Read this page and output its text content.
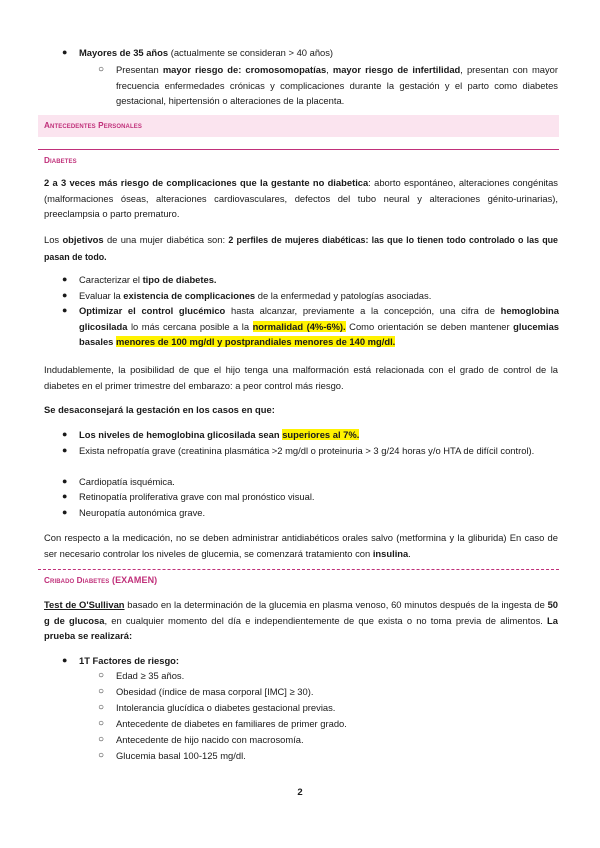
● Mayores de 35 años (actualmente se consideran > 40 años)
○ Presentan mayor riesgo de: cromosomopatías, mayor riesgo de infertilidad, presentan con mayor frecuencia enfermedades crónicas y complicaciones durante la gestación y el parto como diabetes gestacional, hipertensión o alteraciones de la placenta.
Antecedentes Personales
Diabetes
2 a 3 veces más riesgo de complicaciones que la gestante no diabetica: aborto espontáneo, alteraciones congénitas (malformaciones óseas, alteraciones cardiovasculares, defectos del tubo neural y alteraciones génito-urinarias), preeclampsia o parto prematuro.
Los objetivos de una mujer diabética son: 2 perfiles de mujeres diabéticas: las que lo tienen todo controlado o las que pasan de todo.
● Caracterizar el tipo de diabetes.
● Evaluar la existencia de complicaciones de la enfermedad y patologías asociadas.
● Optimizar el control glucémico hasta alcanzar, previamente a la concepción, una cifra de hemoglobina glicosilada lo más cercana posible a la normalidad (4%-6%). Como orientación se deben mantener glucemias basales menores de 100 mg/dl y postprandiales menores de 140 mg/dl.
Indudablemente, la posibilidad de que el hijo tenga una malformación está relacionada con el grado de control de la diabetes en el primer trimestre del embarazo: a peor control más riesgo.
Se desaconsejará la gestación en los casos en que:
● Los niveles de hemoglobina glicosilada sean superiores al 7%.
● Exista nefropatía grave (creatinina plasmática >2 mg/dl o proteinuria > 3 g/24 horas y/o HTA de difícil control).
● Cardiopatía isquémica.
● Retinopatía proliferativa grave con mal pronóstico visual.
● Neuropatía autonómica grave.
Con respecto a la medicación, no se deben administrar antidiabéticos orales salvo (metformina y la gliburida) En caso de ser necesario controlar los niveles de glucemia, se comenzará tratamiento con insulina.
Cribado Diabetes (EXAMEN)
Test de O'Sullivan basado en la determinación de la glucemia en plasma venoso, 60 minutos después de la ingesta de 50 g de glucosa, en cualquier momento del día e independientemente de que exista o no toma previa de alimentos. La prueba se realizará:
● 1T Factores de riesgo:
○ Edad ≥ 35 años.
○ Obesidad (índice de masa corporal [IMC] ≥ 30).
○ Intolerancia glucídica o diabetes gestacional previas.
○ Antecedente de diabetes en familiares de primer grado.
○ Antecedente de hijo nacido con macrosomía.
○ Glucemia basal 100-125 mg/dl.
2
